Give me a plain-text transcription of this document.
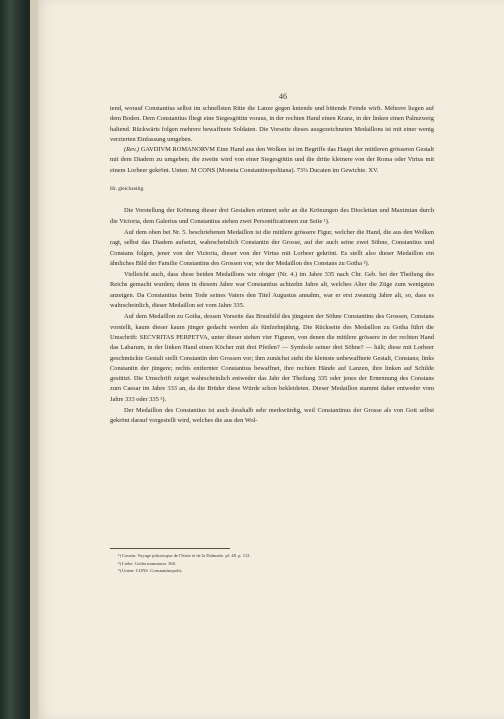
46

tend, worauf Constantius selbst im schnellsten Ritte die Lanze gegen kniende und bittende Feinde wirft. Mehrere liegen auf dem Boden. Dem Constantius fliegt eine Siegesgöttin voraus, in der rechten Hand einen Kranz, in der linken einen Palmzweig haltend. Rückwärts folgen mehrere bewaffnete Soldaten. Die Vorseite dieses ausgezeichneten Medaillons ist mit einer wenig verzierten Einfassung umgeben.

(Rev.) GAVDIVM ROMANORVM Eine Hand aus den Wolken ist im Begriffe das Haupt der mittleren grösseren Gestalt mit dem Diadem zu umgeben; die zweite wird von einer Siegesgöttin und die dritte kleinere von der Roma oder Virtus mit einem Lorbeer gekrönt. Unten: M CONS (Moneta Constantinopolitana). 73⅔ Ducaten im Gewichte. XV.

Hr. gleichzeitig.

Die Vorstellung der Krönung dieser drei Gestalten erinnert sehr an die Krönungen des Diocletian und Maximian durch die Victoria, dem Galerius und Constantius stehen zwei Personificationen zur Seite ¹).

Auf dem oben bei Nr. 5. beschriebenen Medaillon ist die mittlere grössere Figur, welcher die Hand, die aus den Wolken ragt, selbst das Diadem aufsetzt, wahrscheinlich Constantin der Grosse, auf der auch seine zwei Söhne, Constantius und Constans folgen, jener von der Victoria, dieser von der Virtus mit Lorbeer gekrönt. Es stellt also dieser Medaillon ein ähnliches Bild der Familie Constantins des Grossen vor, wie der Medaillon des Constans zu Gotha ²).

Vielleicht auch, dass diese beiden Medaillons wie obiger (Nr. 4.) im Jahre 335 nach Chr. Geb. bei der Theilung des Reichs gemacht wurden; denn in diesem Jahre war Constantius achtzehn Jahre alt, welches Alter die Züge zum wenigsten anzeigen. Da Constantius beim Tode seines Vaters den Titel Augustus annahm, war er erst zwanzig Jahre alt, so, dass es wahrscheinlich, dieser Medaillon sei vom Jahre 335.

Auf dem Medaillon zu Gotha, dessen Vorseite das Brustbild des jüngsten der Söhne Constantins des Grossen, Constans vorstellt, kaum dieser kaum jünger gedacht werden als fünfzehnjährig. Die Rückseite des Medaillon zu Gotha führt die Umschrift: SECVRITAS PERPETVA, unter dieser stehen vier Figuren, von denen die mittlere grössere in der rechten Hand das Labarum, in der linken Hand einen Köcher mit drei Pfeilen? — Symbole seiner drei Söhne? — hält; diese mit Lorbeer geschmückte Gestalt stellt Constantin den Grossen vor; ihm zunächst steht die kleinste unbewaffnete Gestalt, Constans; links Constantin der jüngere; rechts entfernter Constantius bewaffnet, ihre rechten Hände auf Lanzen, ihre linken auf Schilde gestützt. Die Umschrift zeiget wahrscheinlich entweder das Jahr der Theilung 335 oder jenes der Ernennung des Constans zum Caesar im Jahre 333 an, da die Brüder diese Würde schon bekleideten. Dieser Medaillon stammt daher entweder vom Jahre 333 oder 335 ³).

Der Medaillon des Constantius ist auch desshalb sehr merkwürdig, weil Constantinus der Grosse als von Gott selbst gekrönt darauf vorgestellt wird, welches die aus den Wol-

¹) Cousin. Voyage pittoresque de l'Istrie et de la Dalmatie. pl. 48. p. 112.
²) Liebe. Gotha nummaria. 360.
³) Unten: CONS. Constantinopolis.
